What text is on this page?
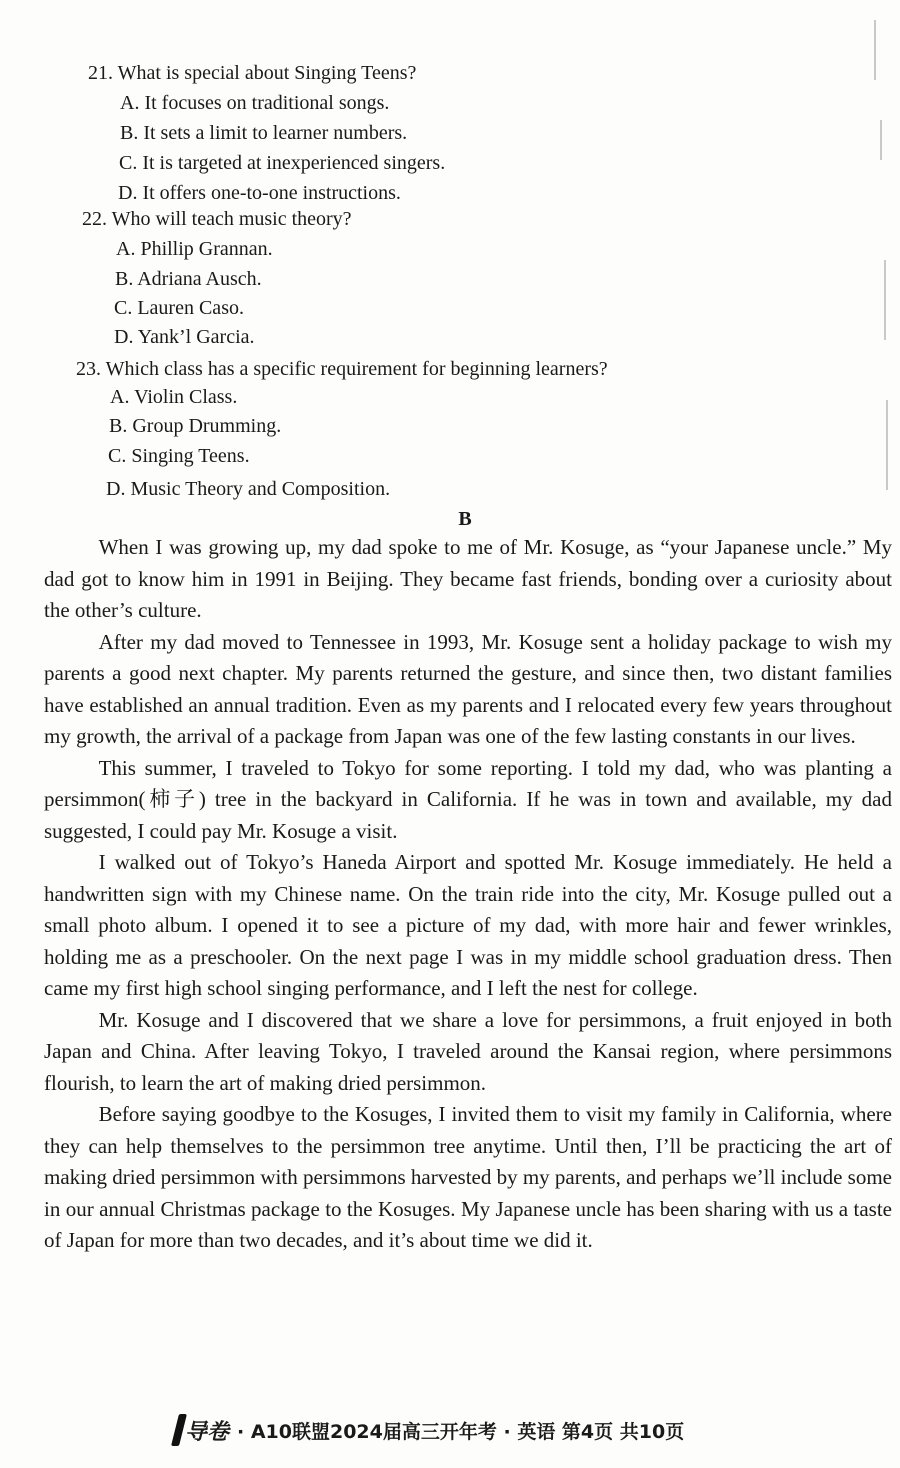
21. What is special about Singing Teens?
A. It focuses on traditional songs.
B. It sets a limit to learner numbers.
C. It is targeted at inexperienced singers.
D. It offers one-to-one instructions.
22. Who will teach music theory?
A. Phillip Grannan.
B. Adriana Ausch.
C. Lauren Caso.
D. Yank’l Garcia.
23. Which class has a specific requirement for beginning learners?
A. Violin Class.
B. Group Drumming.
C. Singing Teens.
D. Music Theory and Composition.
B

When I was growing up, my dad spoke to me of Mr. Kosuge, as “your Japanese uncle.” My dad got to know him in 1991 in Beijing. They became fast friends, bonding over a curiosity about the other’s culture.

After my dad moved to Tennessee in 1993, Mr. Kosuge sent a holiday package to wish my parents a good next chapter. My parents returned the gesture, and since then, two distant families have established an annual tradition. Even as my parents and I relocated every few years throughout my growth, the arrival of a package from Japan was one of the few lasting constants in our lives.

This summer, I traveled to Tokyo for some reporting. I told my dad, who was planting a persimmon(柿子) tree in the backyard in California. If he was in town and available, my dad suggested, I could pay Mr. Kosuge a visit.

I walked out of Tokyo’s Haneda Airport and spotted Mr. Kosuge immediately. He held a handwritten sign with my Chinese name. On the train ride into the city, Mr. Kosuge pulled out a small photo album. I opened it to see a picture of my dad, with more hair and fewer wrinkles, holding me as a preschooler. On the next page I was in my middle school graduation dress. Then came my first high school singing performance, and I left the nest for college.

Mr. Kosuge and I discovered that we share a love for persimmons, a fruit enjoyed in both Japan and China. After leaving Tokyo, I traveled around the Kansai region, where persimmons flourish, to learn the art of making dried persimmon.

Before saying goodbye to the Kosuges, I invited them to visit my family in California, where they can help themselves to the persimmon tree anytime. Until then, I’ll be practicing the art of making dried persimmon with persimmons harvested by my parents, and perhaps we’ll include some in our annual Christmas package to the Kosuges. My Japanese uncle has been sharing with us a taste of Japan for more than two decades, and it’s about time we did it.

导卷 · A10联盟2024届高三开年考 · 英语 第4页 共10页
